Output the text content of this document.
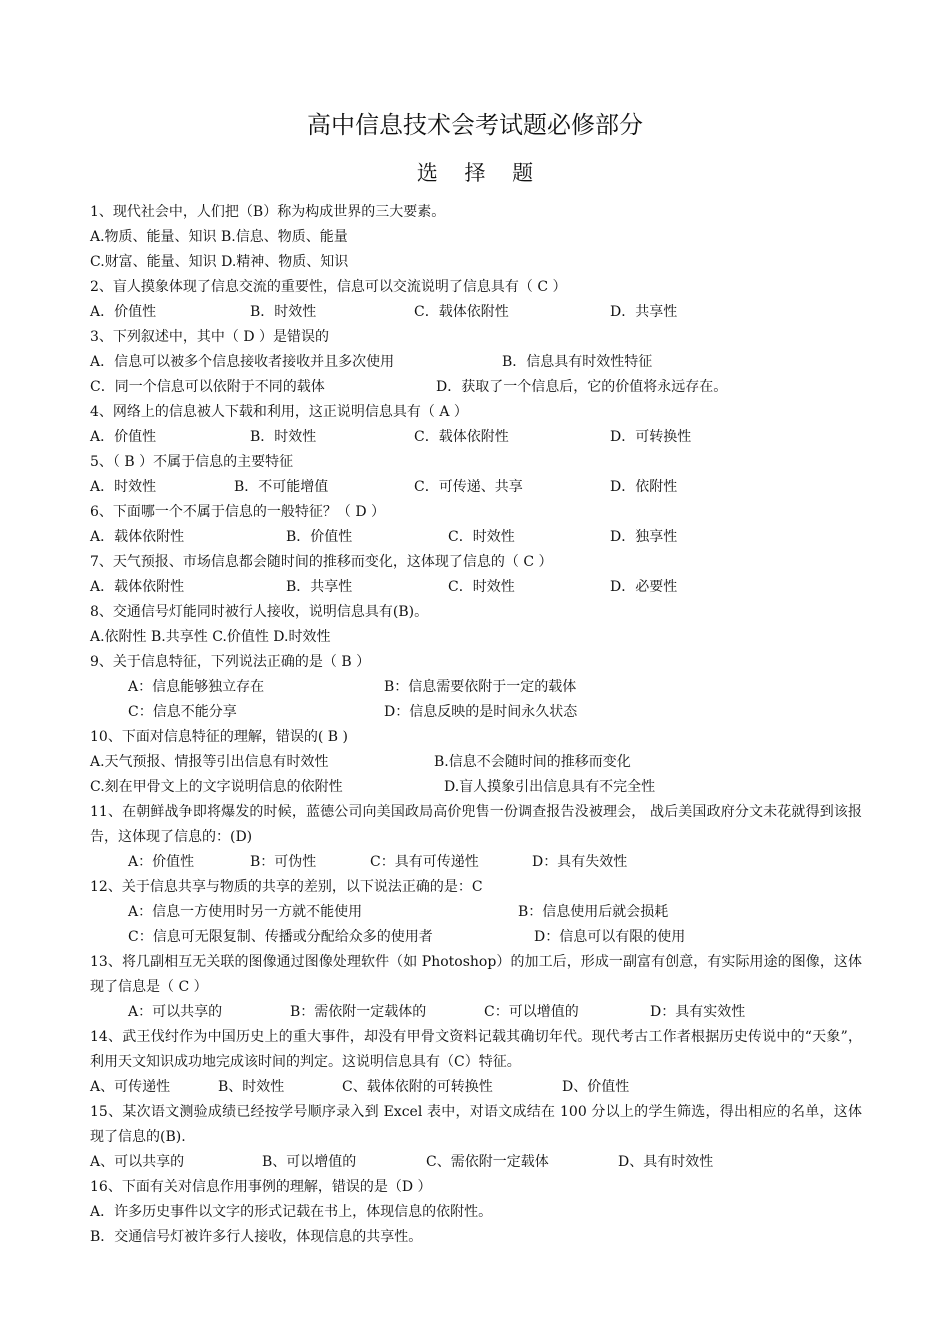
高中信息技术会考试题必修部分
选 择 题
1、现代社会中，人们把（B）称为构成世界的三大要素。
A.物质、能量、知识 B.信息、物质、能量
C.财富、能量、知识 D.精神、物质、知识
2、盲人摸象体现了信息交流的重要性，信息可以交流说明了信息具有（ C ）
A．价值性	B．时效性	C．载体依附性	D．共享性
3、下列叙述中，其中（ D ）是错误的
A．信息可以被多个信息接收者接收并且多次使用	B．信息具有时效性特征
C．同一个信息可以依附于不同的载体	D．获取了一个信息后，它的价值将永远存在。
4、网络上的信息被人下载和利用，这正说明信息具有（ A ）
A．价值性	B．时效性	C．载体依附性	D．可转换性
5、（ B ）不属于信息的主要特征
A．时效性	B．不可能增值	C．可传递、共享	D．依附性
6、下面哪一个不属于信息的一般特征？（ D ）
A．载体依附性	B．价值性	C．时效性	D．独享性
7、天气预报、市场信息都会随时间的推移而变化，这体现了信息的（ C ）
A．载体依附性	B．共享性	C．时效性	D．必要性
8、交通信号灯能同时被行人接收，说明信息具有(B)。
A.依附性 B.共享性 C.价值性 D.时效性
9、关于信息特征，下列说法正确的是（ B ）
A：信息能够独立存在	B：信息需要依附于一定的载体
C：信息不能分享	D：信息反映的是时间永久状态
10、下面对信息特征的理解，错误的( B )
A.天气预报、情报等引出信息有时效性	B.信息不会随时间的推移而变化
C.刻在甲骨文上的文字说明信息的依附性	D.盲人摸象引出信息具有不完全性
11、在朝鲜战争即将爆发的时候，蓝德公司向美国政局高价兜售一份调查报告没被理会， 战后美国政府分文未花就得到该报告，这体现了信息的：(D)
A：价值性	B：可伪性	C：具有可传递性	D：具有失效性
12、关于信息共享与物质的共享的差别，以下说法正确的是：C
A：信息一方使用时另一方就不能使用	B：信息使用后就会损耗
C：信息可无限复制、传播或分配给众多的使用者	D：信息可以有限的使用
13、将几副相互无关联的图像通过图像处理软件（如 Photoshop）的加工后，形成一副富有创意，有实际用途的图像，这体现了信息是（ C ）
A：可以共享的	B：需依附一定载体的	C：可以增值的	D：具有实效性
14、武王伐纣作为中国历史上的重大事件，却没有甲骨文资料记载其确切年代。现代考古工作者根据历史传说中的“天象”，利用天文知识成功地完成该时间的判定。这说明信息具有（C）特征。
A、可传递性	B、时效性	C、载体依附的可转换性	D、价值性
15、某次语文测验成绩已经按学号顺序录入到 Excel 表中，对语文成结在 100 分以上的学生筛选，得出相应的名单，这体现了信息的(B).
A、可以共享的	B、可以增值的	C、需依附一定载体	D、具有时效性
16、下面有关对信息作用事例的理解，错误的是（D ）
A．许多历史事件以文字的形式记载在书上，体现信息的依附性。
B．交通信号灯被许多行人接收，体现信息的共享性。
